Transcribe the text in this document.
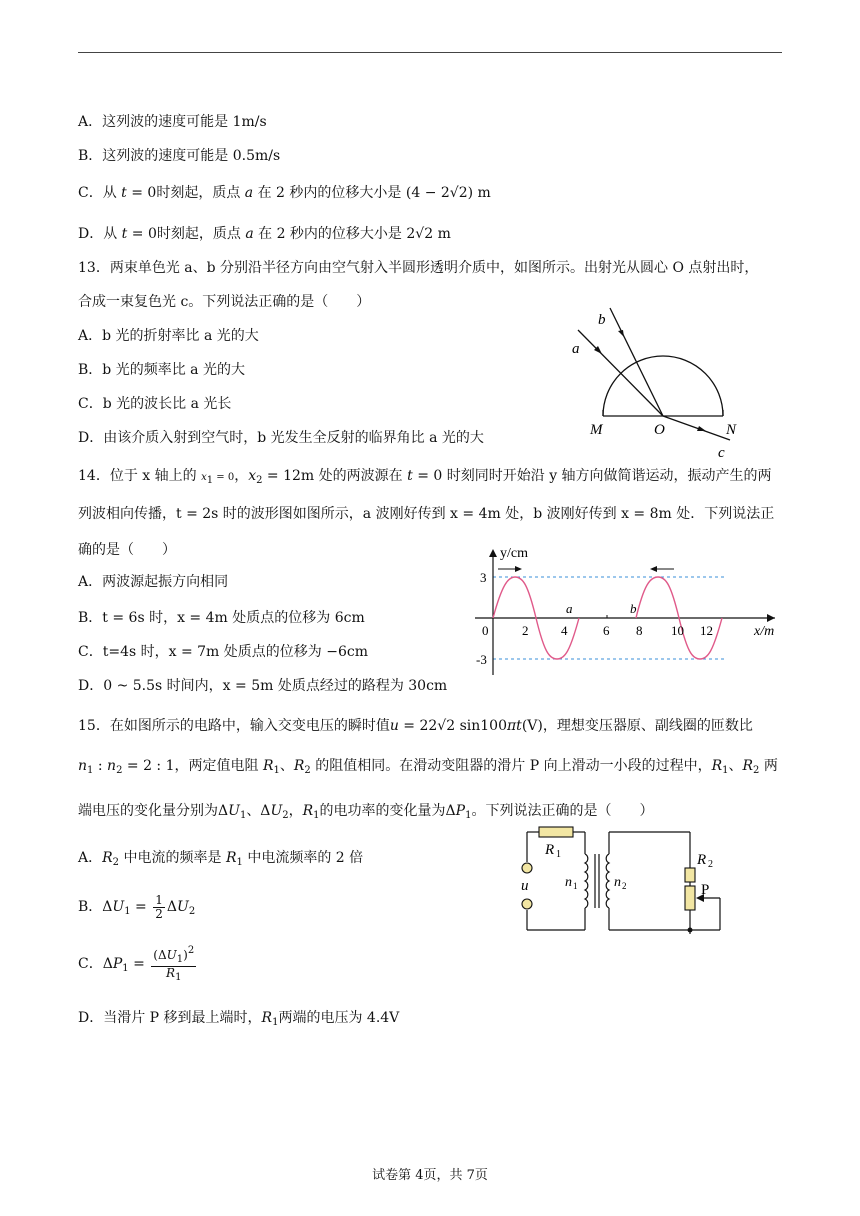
A．这列波的速度可能是 1m/s
B．这列波的速度可能是 0.5m/s
C．从 t = 0时刻起，质点 a 在 2 秒内的位移大小是 (4 − 2√2) m
D．从 t = 0时刻起，质点 a 在 2 秒内的位移大小是 2√2 m
13．两束单色光 a、b 分别沿半径方向由空气射入半圆形透明介质中，如图所示。出射光从圆心 O 点射出时，
合成一束复色光 c。下列说法正确的是（　　）
A．b 光的折射率比 a 光的大
B．b 光的频率比 a 光的大
C．b 光的波长比 a 光长
D．由该介质入射到空气时，b 光发生全反射的临界角比 a 光的大
a
b
c
M	O	N
14．位于 x 轴上的 x1 = 0，$x_2 = 12m$ 处的两波源在 t = 0 时刻同时开始沿 y 轴方向做简谐运动，振动产生的两
列波相向传播，t = 2s 时的波形图如图所示，a 波刚好传到 x = 4m 处，b 波刚好传到 x = 8m 处．下列说法正
确的是（　　）
A．两波源起振方向相同
B．t = 6s 时，x = 4m 处质点的位移为 6cm
C．t=4s 时，x = 7m 处质点的位移为 −6cm
D．0 ~ 5.5s 时间内，x = 5m 处质点经过的路程为 30cm
y/cm
x/m
3
-3
0	2	4	6 8 10 12
a	b
15．在如图所示的电路中，输入交变电压的瞬时值u = 22√2 sin100πt(V)，理想变压器原、副线圈的匝数比
$n_1$ : $n_2 = 2$ : 1，两定值电阻 $R_1$、$R_2$ 的阻值相同。在滑动变阻器的滑片 P 向上滑动一小段的过程中，$R_1$、$R_2$ 两
端电压的变化量分别为$\Delta U_1$、$\Delta U_2$，$R_1$的电功率的变化量为$\Delta P_1$。下列说法正确的是（　　）
A．$R_2$ 中电流的频率是 $R_1$ 中电流频率的 2 倍
B．$\Delta U_1 = \frac{1}{2} \Delta U_2$
C．$\Delta P_1 = \frac{(\Delta U_1)^2}{R_1}$
D．当滑片 P 移到最上端时，$R_1$两端的电压为 4.4V
R 1	R 2
P
u	n 1	n 2
试卷第 4页，共 7页
